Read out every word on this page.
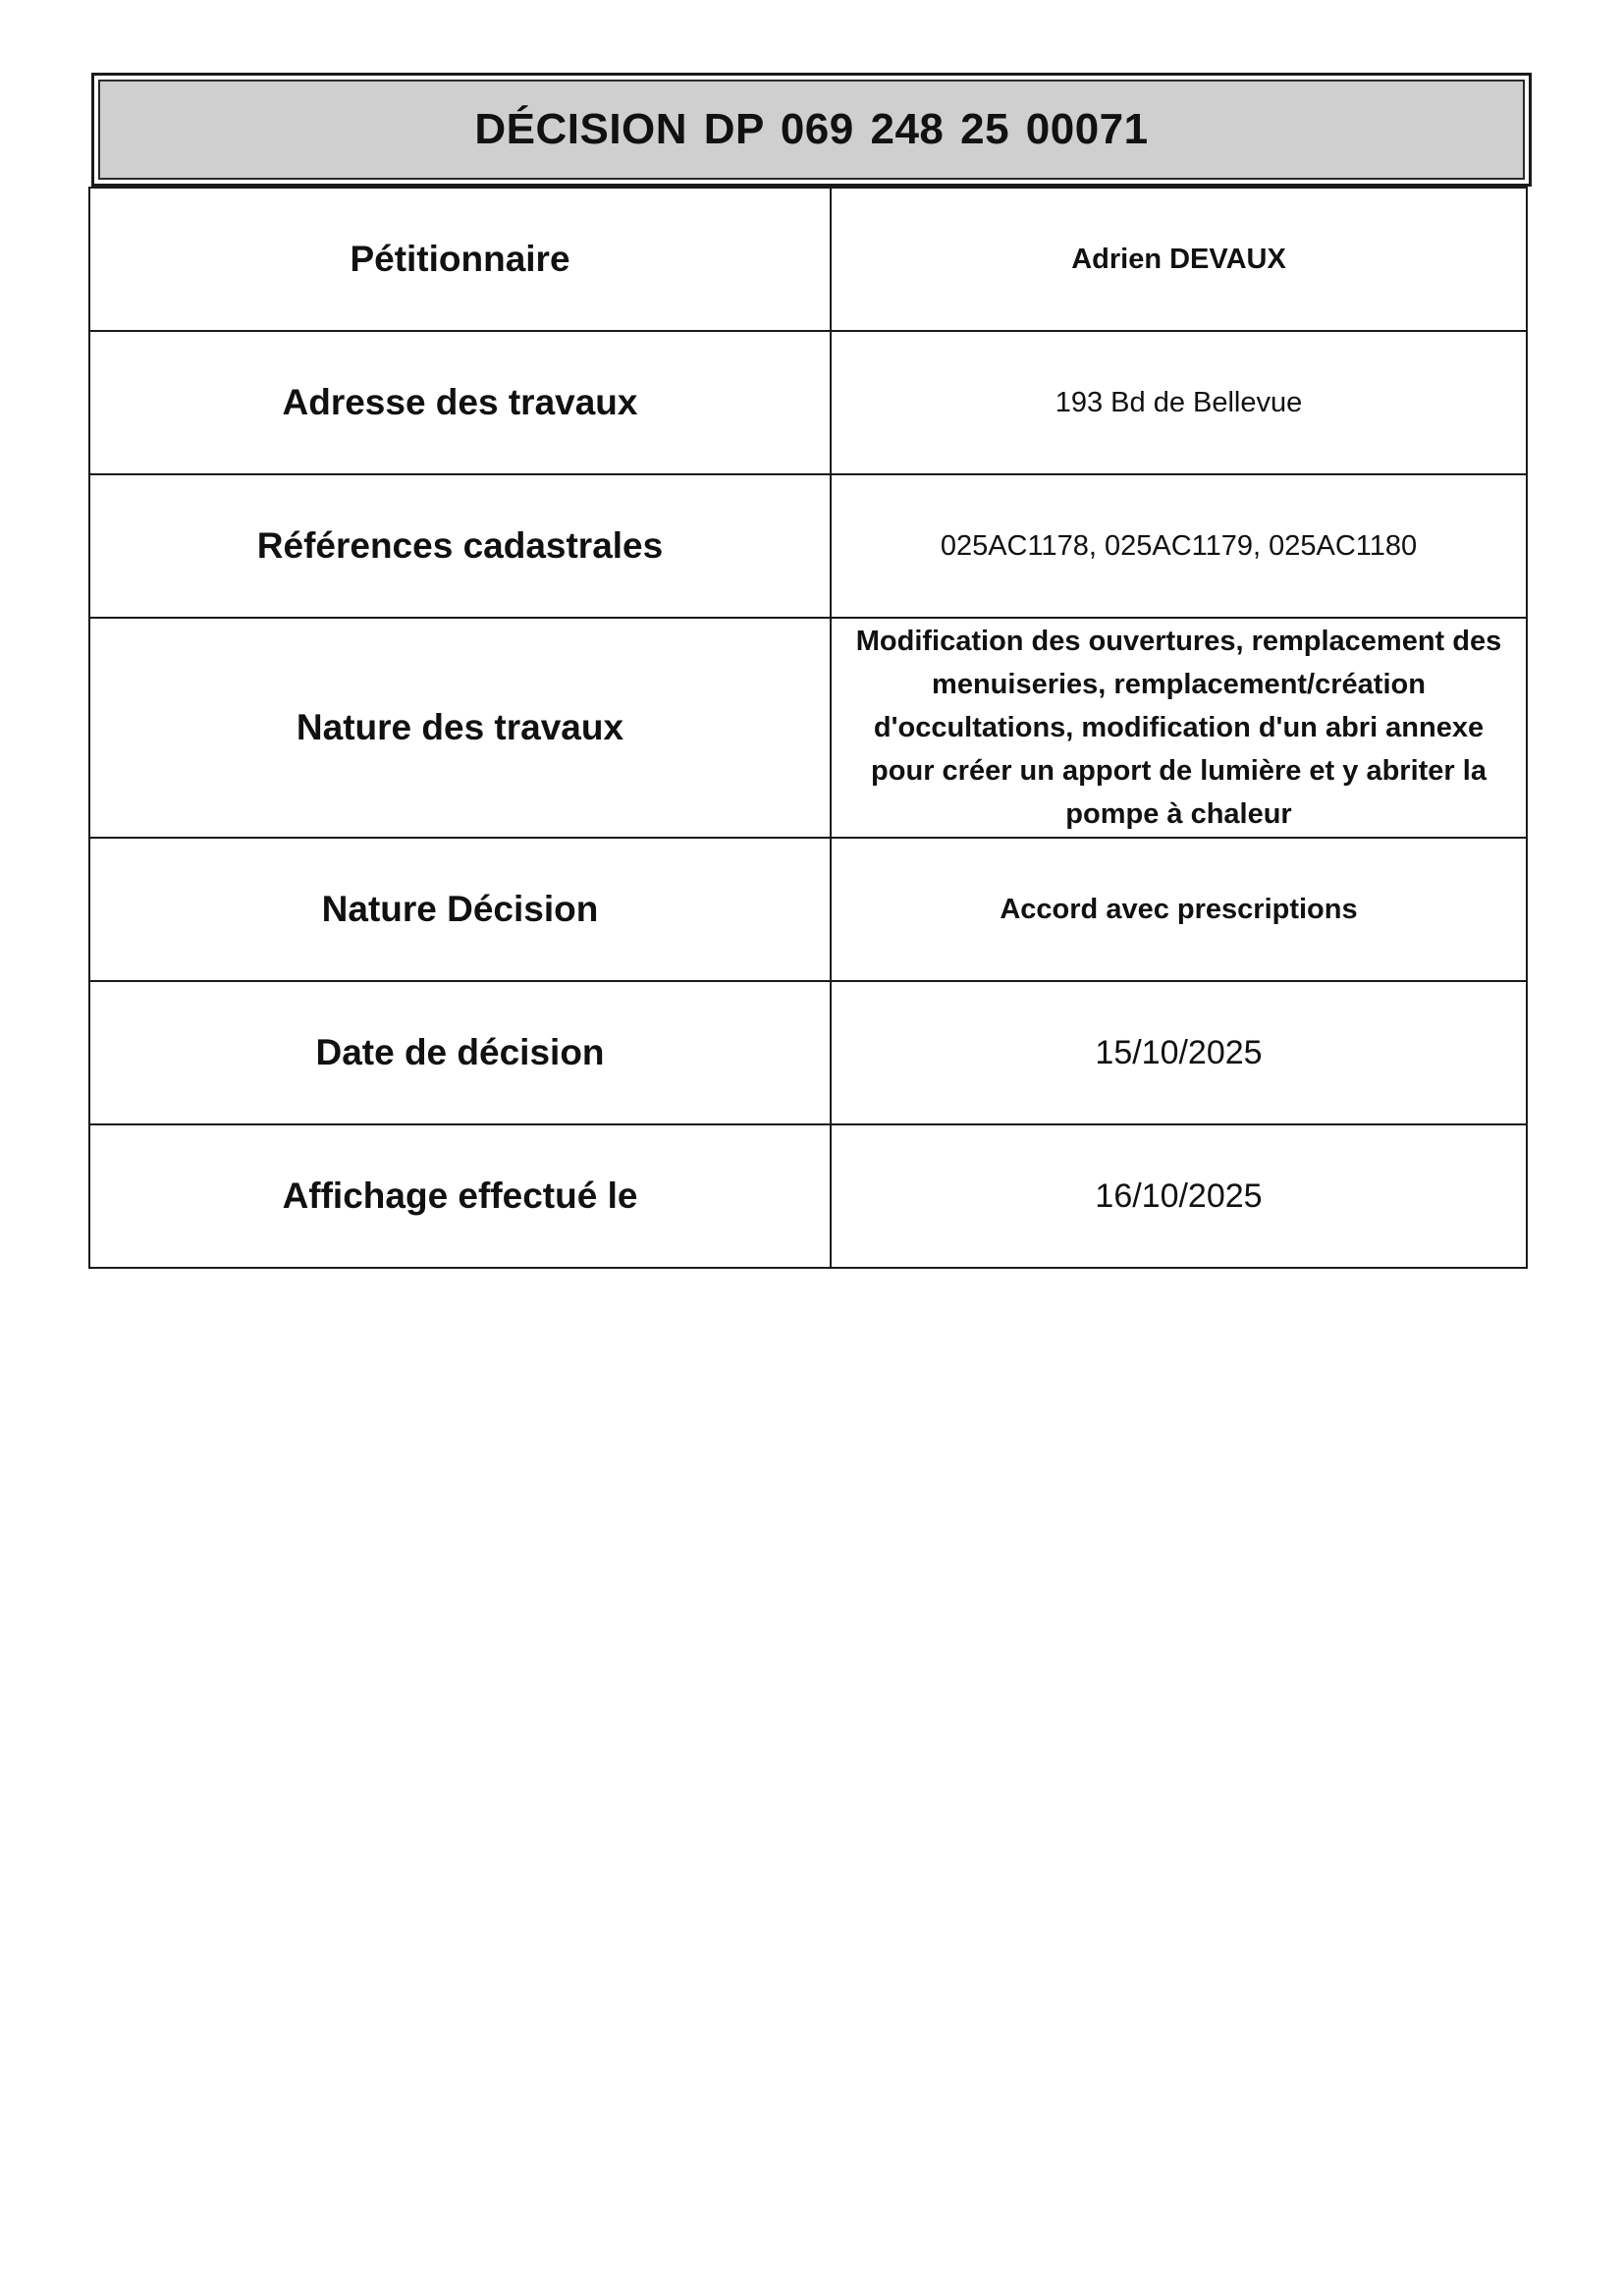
DÉCISION DP 069 248 25 00071
Pétitionnaire	Adrien DEVAUX
Adresse des travaux	193 Bd de Bellevue
Références cadastrales	025AC1178, 025AC1179, 025AC1180
Nature des travaux	Modification des ouvertures, remplacement des menuiseries, remplacement/création d'occultations, modification d'un abri annexe pour créer un apport de lumière et y abriter la pompe à chaleur
Nature Décision	Accord avec prescriptions
Date de décision	15/10/2025
Affichage effectué le	16/10/2025
